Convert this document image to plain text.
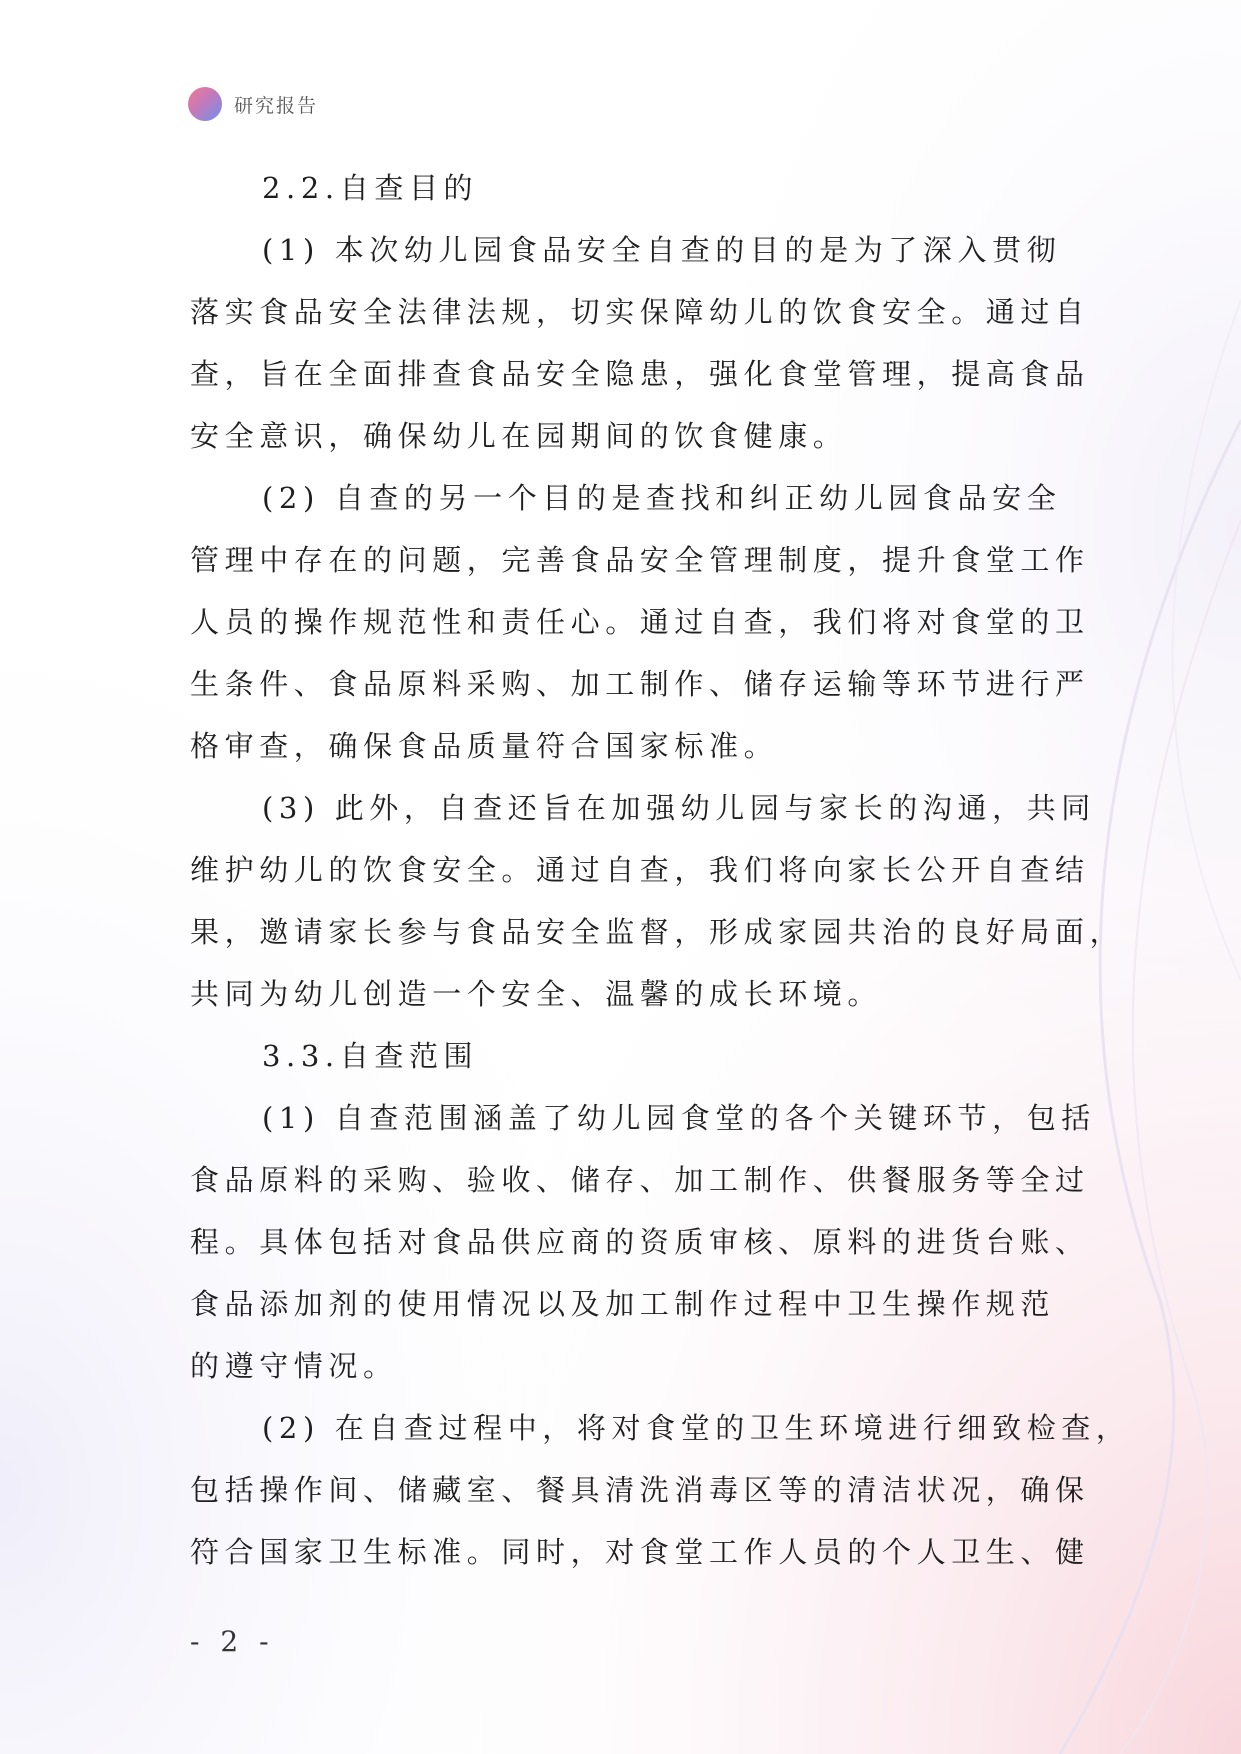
研究报告
2.2.自查目的
(1) 本次幼儿园食品安全自查的目的是为了深入贯彻
落实食品安全法律法规，切实保障幼儿的饮食安全。通过自
查，旨在全面排查食品安全隐患，强化食堂管理，提高食品
安全意识，确保幼儿在园期间的饮食健康。
(2) 自查的另一个目的是查找和纠正幼儿园食品安全
管理中存在的问题，完善食品安全管理制度，提升食堂工作
人员的操作规范性和责任心。通过自查，我们将对食堂的卫
生条件、食品原料采购、加工制作、储存运输等环节进行严
格审查，确保食品质量符合国家标准。
(3) 此外，自查还旨在加强幼儿园与家长的沟通，共同
维护幼儿的饮食安全。通过自查，我们将向家长公开自查结
果，邀请家长参与食品安全监督，形成家园共治的良好局面，
共同为幼儿创造一个安全、温馨的成长环境。
3.3.自查范围
(1) 自查范围涵盖了幼儿园食堂的各个关键环节，包括
食品原料的采购、验收、储存、加工制作、供餐服务等全过
程。具体包括对食品供应商的资质审核、原料的进货台账、
食品添加剂的使用情况以及加工制作过程中卫生操作规范
的遵守情况。
(2) 在自查过程中，将对食堂的卫生环境进行细致检查，
包括操作间、储藏室、餐具清洗消毒区等的清洁状况，确保
符合国家卫生标准。同时，对食堂工作人员的个人卫生、健
- 2 -
